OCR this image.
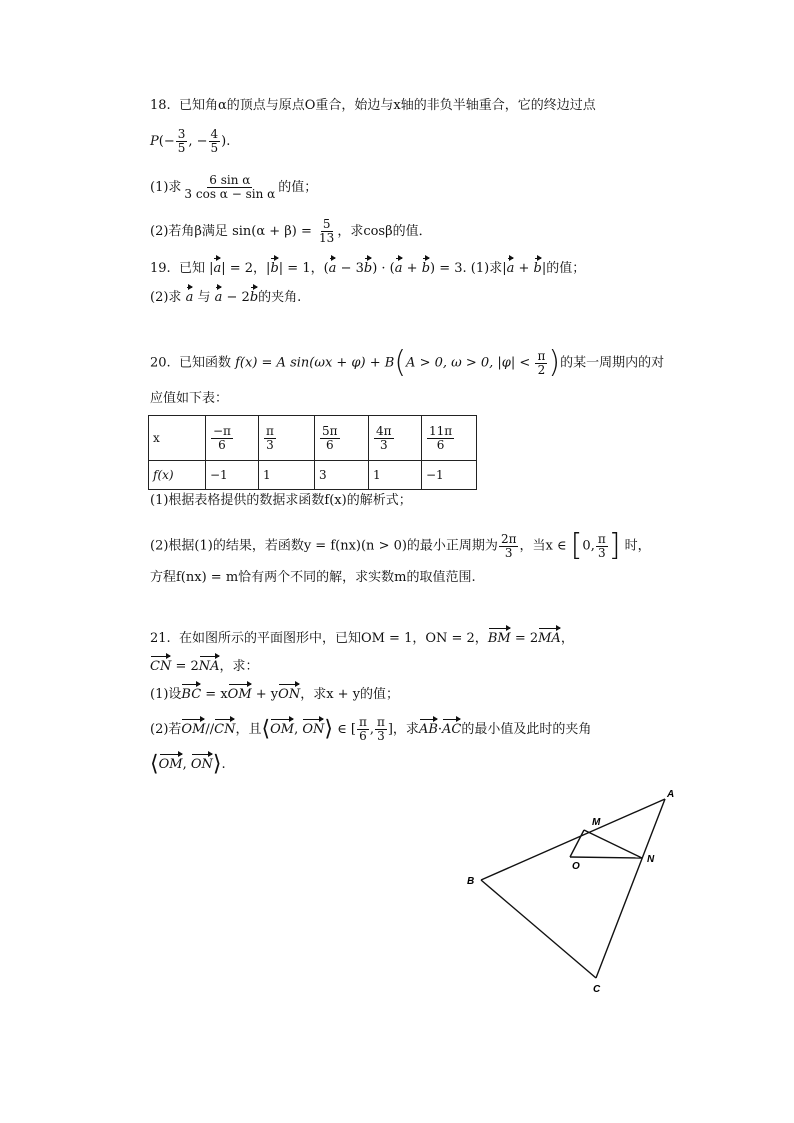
18. 已知角α的顶点与原点O重合，始边与x轴的非负半轴重合，它的终边过点
$P(- \frac{3}{5}$ , − $\frac{4}{5}$ ).
(1)求 $\frac{\text{6 sin α}}{\text{3 cos α − sin α}}$ 的值；
(2)若角β满足 $\sin(\alpha + \beta) = \frac{5}{13}$ ，求cosβ的值．
19. 已知 |a| = 2，|b| = 1，(a − 3b) · (a + b) = 3. (1)求|a + b|的值；
(2)求 a 与 a − 2b的夹角.
20. 已知函数 f(x) = A sin(ωx + φ) + B(A > 0, ω > 0, $|\varphi| < \frac{\pi}{2}$ )的某一周期内的对
应值如下表：
x	$\frac{-\pi}{6}$	$\frac{\pi}{3}$	$\frac{5\pi}{6}$	$\frac{4\pi}{3}$	$\frac{11\pi}{6}$

f(x)	−1	1	3	1	−1
(1)根据表格提供的数据求函数f(x)的解析式；
(2)根据(1)的结果，若函数y = f(nx)(n > 0)的最小正周期为 $\frac{2\pi}{3}$ ，当x ∈ [0, $\frac{\pi}{3}$ ] 时，
方程f(nx) = m恰有两个不同的解，求实数m的取值范围.
21. 在如图所示的平面图形中，已知OM = 1，ON = 2，BM = 2MA，
CN = 2NA，求：
(1)设BC = xOM + yON，求x + y的值；
(2)若OM//CN，且⟨OM, ON⟩ ∈ [ $\frac{\pi}{6}$ , $\frac{\pi}{3}$ ]，求AB·AC的最小值及此时的夹角
⟨OM, ON⟩.
A
M
O
N
B
C
